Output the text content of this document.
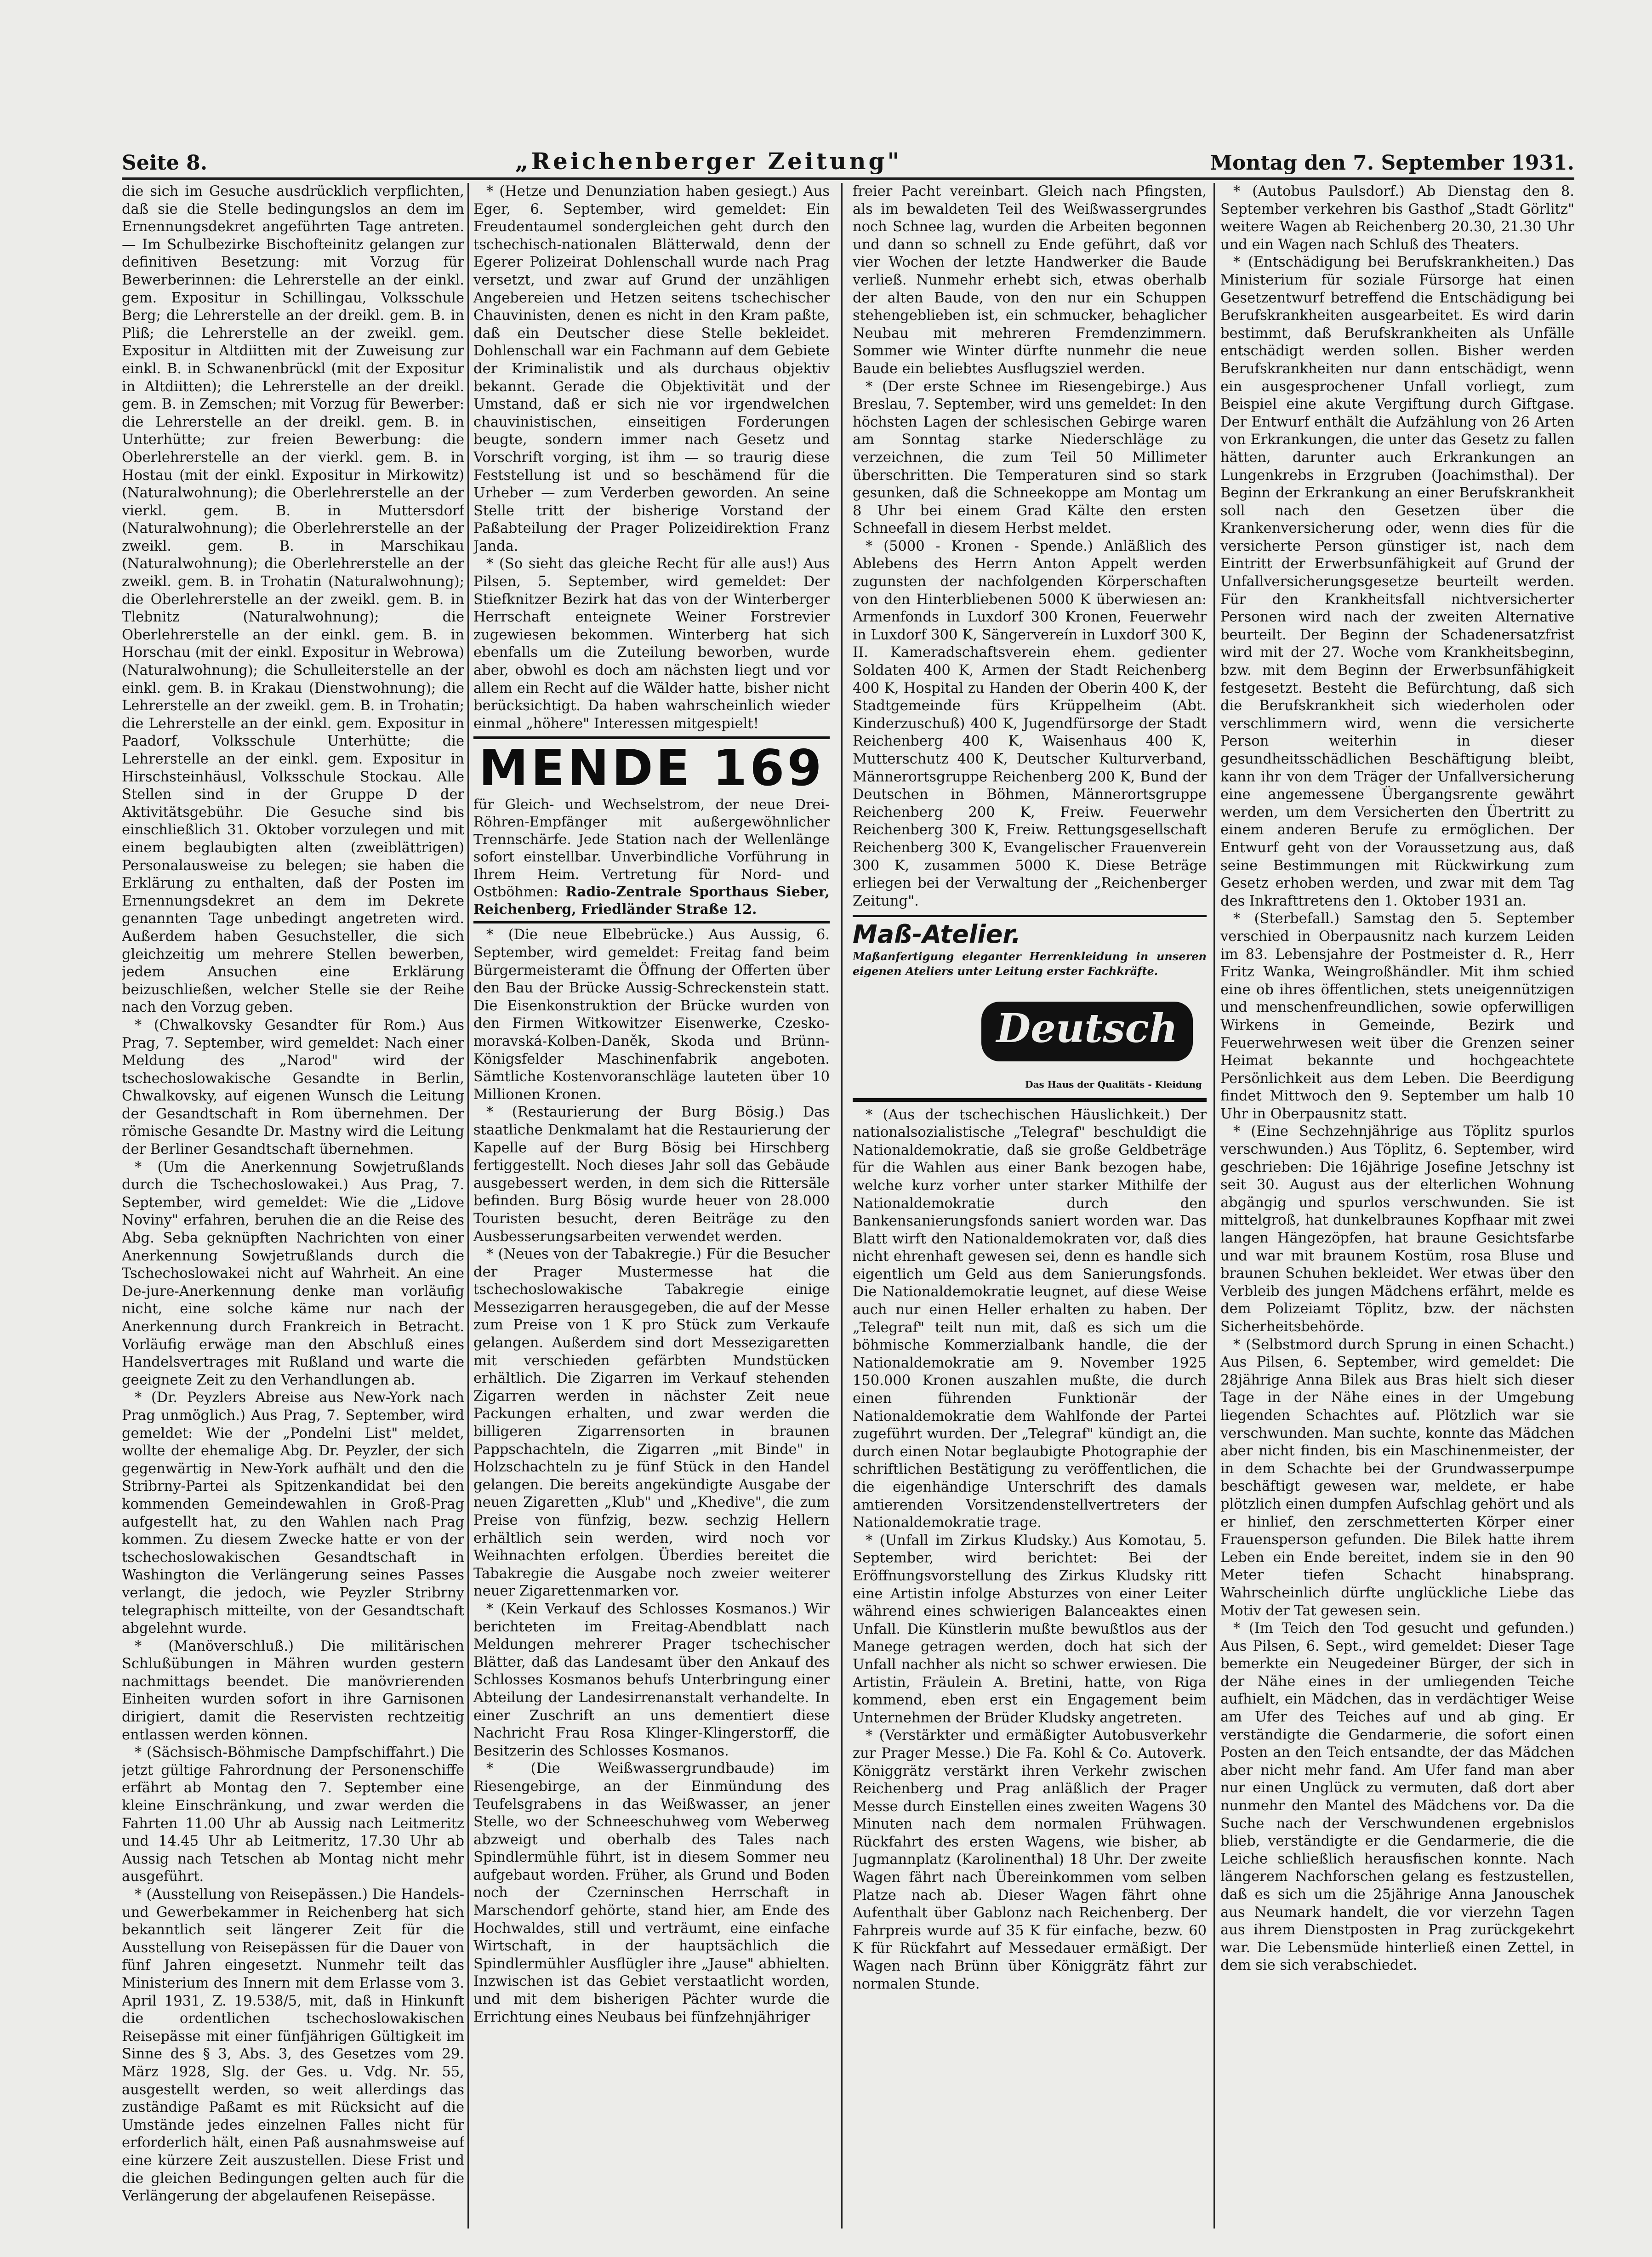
Seite 8.	„Reichenberger Zeitung"	Montag den 7. September 1931.

die sich im Gesuche ausdrücklich verpflichten, daß sie die Stelle bedingungslos an dem im Ernennungsdekret angeführten Tage antreten. — Im Schulbezirke Bischofteinitz gelangen zur definitiven Besetzung: mit Vorzug für Bewerberinnen: die Lehrerstelle an der einkl. gem. Expositur in Schillingau, Volksschule Berg; die Lehrerstelle an der dreikl. gem. B. in Pliß; die Lehrerstelle an der zweikl. gem. Expositur in Altdiitten mit der Zuweisung zur einkl. B. in Schwanenbrückl (mit der Expositur in Altdiitten); die Lehrerstelle an der dreikl. gem. B. in Zemschen; mit Vorzug für Bewerber: die Lehrerstelle an der dreikl. gem. B. in Unterhütte; zur freien Bewerbung: die Oberlehrerstelle an der vierkl. gem. B. in Hostau (mit der einkl. Expositur in Mirkowitz) (Naturalwohnung); die Oberlehrerstelle an der vierkl. gem. B. in Muttersdorf (Naturalwohnung); die Oberlehrerstelle an der zweikl. gem. B. in Marschikau (Naturalwohnung); die Oberlehrerstelle an der zweikl. gem. B. in Trohatin (Naturalwohnung); die Oberlehrerstelle an der zweikl. gem. B. in Tlebnitz (Naturalwohnung); die Oberlehrerstelle an der einkl. gem. B. in Horschau (mit der einkl. Expositur in Webrowa) (Naturalwohnung); die Schulleiterstelle an der einkl. gem. B. in Krakau (Dienstwohnung); die Lehrerstelle an der zweikl. gem. B. in Trohatin; die Lehrerstelle an der einkl. gem. Expositur in Paadorf, Volksschule Unterhütte; die Lehrerstelle an der einkl. gem. Expositur in Hirschsteinhäusl, Volksschule Stockau. Alle Stellen sind in der Gruppe D der Aktivitätsgebühr. Die Gesuche sind bis einschließlich 31. Oktober vorzulegen und mit einem beglaubigten alten (zweiblättrigen) Personalausweise zu belegen; sie haben die Erklärung zu enthalten, daß der Posten im Ernennungsdekret an dem im Dekrete genannten Tage unbedingt angetreten wird. Außerdem haben Gesuchsteller, die sich gleichzeitig um mehrere Stellen bewerben, jedem Ansuchen eine Erklärung beizuschließen, welcher Stelle sie der Reihe nach den Vorzug geben.

* (Chwalkovsky Gesandter für Rom.) Aus Prag, 7. September, wird gemeldet: Nach einer Meldung des „Narod" wird der tschechoslowakische Gesandte in Berlin, Chwalkovsky, auf eigenen Wunsch die Leitung der Gesandtschaft in Rom übernehmen. Der römische Gesandte Dr. Mastny wird die Leitung der Berliner Gesandtschaft übernehmen.

* (Um die Anerkennung Sowjetrußlands durch die Tschechoslowakei.) Aus Prag, 7. September, wird gemeldet: Wie die „Lidove Noviny" erfahren, beruhen die an die Reise des Abg. Seba geknüpften Nachrichten von einer Anerkennung Sowjetrußlands durch die Tschechoslowakei nicht auf Wahrheit. An eine De-jure-Anerkennung denke man vorläufig nicht, eine solche käme nur nach der Anerkennung durch Frankreich in Betracht. Vorläufig erwäge man den Abschluß eines Handelsvertrages mit Rußland und warte die geeignete Zeit zu den Verhandlungen ab.

* (Dr. Peyzlers Abreise aus New-York nach Prag unmöglich.) Aus Prag, 7. September, wird gemeldet: Wie der „Pondelni List" meldet, wollte der ehemalige Abg. Dr. Peyzler, der sich gegenwärtig in New-York aufhält und den die Stribrny-Partei als Spitzenkandidat bei den kommenden Gemeindewahlen in Groß-Prag aufgestellt hat, zu den Wahlen nach Prag kommen. Zu diesem Zwecke hatte er von der tschechoslowakischen Gesandtschaft in Washington die Verlängerung seines Passes verlangt, die jedoch, wie Peyzler Stribrny telegraphisch mitteilte, von der Gesandtschaft abgelehnt wurde.

* (Manöverschluß.) Die militärischen Schlußübungen in Mähren wurden gestern nachmittags beendet. Die manövrierenden Einheiten wurden sofort in ihre Garnisonen dirigiert, damit die Reservisten rechtzeitig entlassen werden können.

* (Sächsisch-Böhmische Dampfschiffahrt.) Die jetzt gültige Fahrordnung der Personenschiffe erfährt ab Montag den 7. September eine kleine Einschränkung, und zwar werden die Fahrten 11.00 Uhr ab Aussig nach Leitmeritz und 14.45 Uhr ab Leitmeritz, 17.30 Uhr ab Aussig nach Tetschen ab Montag nicht mehr ausgeführt.

* (Ausstellung von Reisepässen.) Die Handels- und Gewerbekammer in Reichenberg hat sich bekanntlich seit längerer Zeit für die Ausstellung von Reisepässen für die Dauer von fünf Jahren eingesetzt. Nunmehr teilt das Ministerium des Innern mit dem Erlasse vom 3. April 1931, Z. 19.538/5, mit, daß in Hinkunft die ordentlichen tschechoslowakischen Reisepässe mit einer fünfjährigen Gültigkeit im Sinne des § 3, Abs. 3, des Gesetzes vom 29. März 1928, Slg. der Ges. u. Vdg. Nr. 55, ausgestellt werden, so weit allerdings das zuständige Paßamt es mit Rücksicht auf die Umstände jedes einzelnen Falles nicht für erforderlich hält, einen Paß ausnahmsweise auf eine kürzere Zeit auszustellen. Diese Frist und die gleichen Bedingungen gelten auch für die Verlängerung der abgelaufenen Reisepässe.

* (Hetze und Denunziation haben gesiegt.) Aus Eger, 6. September, wird gemeldet: Ein Freudentaumel sondergleichen geht durch den tschechisch-nationalen Blätterwald, denn der Egerer Polizeirat Dohlenschall wurde nach Prag versetzt, und zwar auf Grund der unzähligen Angebereien und Hetzen seitens tschechischer Chauvinisten, denen es nicht in den Kram paßte, daß ein Deutscher diese Stelle bekleidet. Dohlenschall war ein Fachmann auf dem Gebiete der Kriminalistik und als durchaus objektiv bekannt. Gerade die Objektivität und der Umstand, daß er sich nie vor irgendwelchen chauvinistischen, einseitigen Forderungen beugte, sondern immer nach Gesetz und Vorschrift vorging, ist ihm — so traurig diese Feststellung ist und so beschämend für die Urheber — zum Verderben geworden. An seine Stelle tritt der bisherige Vorstand der Paßabteilung der Prager Polizeidirektion Franz Janda.

* (So sieht das gleiche Recht für alle aus!) Aus Pilsen, 5. September, wird gemeldet: Der Stiefknitzer Bezirk hat das von der Winterberger Herrschaft enteignete Weiner Forstrevier zugewiesen bekommen. Winterberg hat sich ebenfalls um die Zuteilung beworben, wurde aber, obwohl es doch am nächsten liegt und vor allem ein Recht auf die Wälder hatte, bisher nicht berücksichtigt. Da haben wahrscheinlich wieder einmal „höhere" Interessen mitgespielt!

MENDE 169
für Gleich- und Wechselstrom, der neue Drei-Röhren-Empfänger mit außergewöhnlicher Trennschärfe. Jede Station nach der Wellenlänge sofort einstellbar. Unverbindliche Vorführung in Ihrem Heim. Vertretung für Nord- und Ostböhmen: Radio-Zentrale Sporthaus Sieber, Reichenberg, Friedländer Straße 12.

* (Die neue Elbebrücke.) Aus Aussig, 6. September, wird gemeldet: Freitag fand beim Bürgermeisteramt die Öffnung der Offerten über den Bau der Brücke Aussig-Schreckenstein statt. Die Eisenkonstruktion der Brücke wurden von den Firmen Witkowitzer Eisenwerke, Czesko-moravská-Kolben-Daněk, Skoda und Brünn-Königsfelder Maschinenfabrik angeboten. Sämtliche Kostenvoranschläge lauteten über 10 Millionen Kronen.

* (Restaurierung der Burg Bösig.) Das staatliche Denkmalamt hat die Restaurierung der Kapelle auf der Burg Bösig bei Hirschberg fertiggestellt. Noch dieses Jahr soll das Gebäude ausgebessert werden, in dem sich die Rittersäle befinden. Burg Bösig wurde heuer von 28.000 Touristen besucht, deren Beiträge zu den Ausbesserungsarbeiten verwendet werden.

* (Neues von der Tabakregie.) Für die Besucher der Prager Mustermesse hat die tschechoslowakische Tabakregie einige Messezigarren herausgegeben, die auf der Messe zum Preise von 1 K pro Stück zum Verkaufe gelangen. Außerdem sind dort Messezigaretten mit verschieden gefärbten Mundstücken erhältlich. Die Zigarren im Verkauf stehenden Zigarren werden in nächster Zeit neue Packungen erhalten, und zwar werden die billigeren Zigarrensorten in braunen Pappschachteln, die Zigarren „mit Binde" in Holzschachteln zu je fünf Stück in den Handel gelangen. Die bereits angekündigte Ausgabe der neuen Zigaretten „Klub" und „Khedive", die zum Preise von fünfzig, bezw. sechzig Hellern erhältlich sein werden, wird noch vor Weihnachten erfolgen. Überdies bereitet die Tabakregie die Ausgabe noch zweier weiterer neuer Zigarettenmarken vor.

* (Kein Verkauf des Schlosses Kosmanos.) Wir berichteten im Freitag-Abendblatt nach Meldungen mehrerer Prager tschechischer Blätter, daß das Landesamt über den Ankauf des Schlosses Kosmanos behufs Unterbringung einer Abteilung der Landesirrenanstalt verhandelte. In einer Zuschrift an uns dementiert diese Nachricht Frau Rosa Klinger-Klingerstorff, die Besitzerin des Schlosses Kosmanos.

* (Die Weißwassergrundbaude) im Riesengebirge, an der Einmündung des Teufelsgrabens in das Weißwasser, an jener Stelle, wo der Schneeschuhweg vom Weberweg abzweigt und oberhalb des Tales nach Spindlermühle führt, ist in diesem Sommer neu aufgebaut worden. Früher, als Grund und Boden noch der Czerninschen Herrschaft in Marschendorf gehörte, stand hier, am Ende des Hochwaldes, still und verträumt, eine einfache Wirtschaft, in der hauptsächlich die Spindlermühler Ausflügler ihre „Jause" abhielten. Inzwischen ist das Gebiet verstaatlicht worden, und mit dem bisherigen Pächter wurde die Errichtung eines Neubaus bei fünfzehnjähriger

freier Pacht vereinbart. Gleich nach Pfingsten, als im bewaldeten Teil des Weißwassergrundes noch Schnee lag, wurden die Arbeiten begonnen und dann so schnell zu Ende geführt, daß vor vier Wochen der letzte Handwerker die Baude verließ. Nunmehr erhebt sich, etwas oberhalb der alten Baude, von den nur ein Schuppen stehengeblieben ist, ein schmucker, behaglicher Neubau mit mehreren Fremdenzimmern. Sommer wie Winter dürfte nunmehr die neue Baude ein beliebtes Ausflugsziel werden.

* (Der erste Schnee im Riesengebirge.) Aus Breslau, 7. September, wird uns gemeldet: In den höchsten Lagen der schlesischen Gebirge waren am Sonntag starke Niederschläge zu verzeichnen, die zum Teil 50 Millimeter überschritten. Die Temperaturen sind so stark gesunken, daß die Schneekoppe am Montag um 8 Uhr bei einem Grad Kälte den ersten Schneefall in diesem Herbst meldet.

* (5000 - Kronen - Spende.) Anläßlich des Ablebens des Herrn Anton Appelt werden zugunsten der nachfolgenden Körperschaften von den Hinterbliebenen 5000 K überwiesen an: Armenfonds in Luxdorf 300 Kronen, Feuerwehr in Luxdorf 300 K, Sängervereín in Luxdorf 300 K, II. Kameradschaftsverein ehem. gedienter Soldaten 400 K, Armen der Stadt Reichenberg 400 K, Hospital zu Handen der Oberin 400 K, der Stadtgemeinde fürs Krüppelheim (Abt. Kinderzuschuß) 400 K, Jugendfürsorge der Stadt Reichenberg 400 K, Waisenhaus 400 K, Mutterschutz 400 K, Deutscher Kulturverband, Männerortsgruppe Reichenberg 200 K, Bund der Deutschen in Böhmen, Männerortsgruppe Reichenberg 200 K, Freiw. Feuerwehr Reichenberg 300 K, Freiw. Rettungsgesellschaft Reichenberg 300 K, Evangelischer Frauenverein 300 K, zusammen 5000 K. Diese Beträge erliegen bei der Verwaltung der „Reichenberger Zeitung".

Maß-Atelier.
Maßanfertigung eleganter Herrenkleidung in unseren eigenen Ateliers unter Leitung erster Fachkräfte.
Deutsch
Das Haus der Qualitäts - Kleidung

* (Aus der tschechischen Häuslichkeit.) Der nationalsozialistische „Telegraf" beschuldigt die Nationaldemokratie, daß sie große Geldbeträge für die Wahlen aus einer Bank bezogen habe, welche kurz vorher unter starker Mithilfe der Nationaldemokratie durch den Bankensanierungsfonds saniert worden war. Das Blatt wirft den Nationaldemokraten vor, daß dies nicht ehrenhaft gewesen sei, denn es handle sich eigentlich um Geld aus dem Sanierungsfonds. Die Nationaldemokratie leugnet, auf diese Weise auch nur einen Heller erhalten zu haben. Der „Telegraf" teilt nun mit, daß es sich um die böhmische Kommerzialbank handle, die der Nationaldemokratie am 9. November 1925 150.000 Kronen auszahlen mußte, die durch einen führenden Funktionär der Nationaldemokratie dem Wahlfonde der Partei zugeführt wurden. Der „Telegraf" kündigt an, die durch einen Notar beglaubigte Photographie der schriftlichen Bestätigung zu veröffentlichen, die die eigenhändige Unterschrift des damals amtierenden Vorsitzendenstellvertreters der Nationaldemokratie trage.

* (Unfall im Zirkus Kludsky.) Aus Komotau, 5. September, wird berichtet: Bei der Eröffnungsvorstellung des Zirkus Kludsky ritt eine Artistin infolge Absturzes von einer Leiter während eines schwierigen Balanceaktes einen Unfall. Die Künstlerin mußte bewußtlos aus der Manege getragen werden, doch hat sich der Unfall nachher als nicht so schwer erwiesen. Die Artistin, Fräulein A. Bretini, hatte, von Riga kommend, eben erst ein Engagement beim Unternehmen der Brüder Kludsky angetreten.

* (Verstärkter und ermäßigter Autobusverkehr zur Prager Messe.) Die Fa. Kohl & Co. Autoverk. Königgrätz verstärkt ihren Verkehr zwischen Reichenberg und Prag anläßlich der Prager Messe durch Einstellen eines zweiten Wagens 30 Minuten nach dem normalen Frühwagen. Rückfahrt des ersten Wagens, wie bisher, ab Jugmannplatz (Karolinenthal) 18 Uhr. Der zweite Wagen fährt nach Übereinkommen vom selben Platze nach ab. Dieser Wagen fährt ohne Aufenthalt über Gablonz nach Reichenberg. Der Fahrpreis wurde auf 35 K für einfache, bezw. 60 K für Rückfahrt auf Messedauer ermäßigt. Der Wagen nach Brünn über Königgrätz fährt zur normalen Stunde.

* (Autobus Paulsdorf.) Ab Dienstag den 8. September verkehren bis Gasthof „Stadt Görlitz" weitere Wagen ab Reichenberg 20.30, 21.30 Uhr und ein Wagen nach Schluß des Theaters.

* (Entschädigung bei Berufskrankheiten.) Das Ministerium für soziale Fürsorge hat einen Gesetzentwurf betreffend die Entschädigung bei Berufskrankheiten ausgearbeitet. Es wird darin bestimmt, daß Berufskrankheiten als Unfälle entschädigt werden sollen. Bisher werden Berufskrankheiten nur dann entschädigt, wenn ein ausgesprochener Unfall vorliegt, zum Beispiel eine akute Vergiftung durch Giftgase. Der Entwurf enthält die Aufzählung von 26 Arten von Erkrankungen, die unter das Gesetz zu fallen hätten, darunter auch Erkrankungen an Lungenkrebs in Erzgruben (Joachimsthal). Der Beginn der Erkrankung an einer Berufskrankheit soll nach den Gesetzen über die Krankenversicherung oder, wenn dies für die versicherte Person günstiger ist, nach dem Eintritt der Erwerbsunfähigkeit auf Grund der Unfallversicherungsgesetze beurteilt werden. Für den Krankheitsfall nichtversicherter Personen wird nach der zweiten Alternative beurteilt. Der Beginn der Schadenersatzfrist wird mit der 27. Woche vom Krankheitsbeginn, bzw. mit dem Beginn der Erwerbsunfähigkeit festgesetzt. Besteht die Befürchtung, daß sich die Berufskrankheit sich wiederholen oder verschlimmern wird, wenn die versicherte Person weiterhin in dieser gesundheitsschädlichen Beschäftigung bleibt, kann ihr von dem Träger der Unfallversicherung eine angemessene Übergangsrente gewährt werden, um dem Versicherten den Übertritt zu einem anderen Berufe zu ermöglichen. Der Entwurf geht von der Voraussetzung aus, daß seine Bestimmungen mit Rückwirkung zum Gesetz erhoben werden, und zwar mit dem Tag des Inkrafttretens den 1. Oktober 1931 an.

* (Sterbefall.) Samstag den 5. September verschied in Oberpausnitz nach kurzem Leiden im 83. Lebensjahre der Postmeister d. R., Herr Fritz Wanka, Weingroßhändler. Mit ihm schied eine ob ihres öffentlichen, stets uneigennützigen und menschenfreundlichen, sowie opferwilligen Wirkens in Gemeinde, Bezirk und Feuerwehrwesen weit über die Grenzen seiner Heimat bekannte und hochgeachtete Persönlichkeit aus dem Leben. Die Beerdigung findet Mittwoch den 9. September um halb 10 Uhr in Oberpausnitz statt.

* (Eine Sechzehnjährige aus Töplitz spurlos verschwunden.) Aus Töplitz, 6. September, wird geschrieben: Die 16jährige Josefine Jetschny ist seit 30. August aus der elterlichen Wohnung abgängig und spurlos verschwunden. Sie ist mittelgroß, hat dunkelbraunes Kopfhaar mit zwei langen Hängezöpfen, hat braune Gesichtsfarbe und war mit braunem Kostüm, rosa Bluse und braunen Schuhen bekleidet. Wer etwas über den Verbleib des jungen Mädchens erfährt, melde es dem Polizeiamt Töplitz, bzw. der nächsten Sicherheitsbehörde.

* (Selbstmord durch Sprung in einen Schacht.) Aus Pilsen, 6. September, wird gemeldet: Die 28jährige Anna Bilek aus Bras hielt sich dieser Tage in der Nähe eines in der Umgebung liegenden Schachtes auf. Plötzlich war sie verschwunden. Man suchte, konnte das Mädchen aber nicht finden, bis ein Maschinenmeister, der in dem Schachte bei der Grundwasserpumpe beschäftigt gewesen war, meldete, er habe plötzlich einen dumpfen Aufschlag gehört und als er hinlief, den zerschmetterten Körper einer Frauensperson gefunden. Die Bilek hatte ihrem Leben ein Ende bereitet, indem sie in den 90 Meter tiefen Schacht hinabsprang. Wahrscheinlich dürfte unglückliche Liebe das Motiv der Tat gewesen sein.

* (Im Teich den Tod gesucht und gefunden.) Aus Pilsen, 6. Sept., wird gemeldet: Dieser Tage bemerkte ein Neugedeiner Bürger, der sich in der Nähe eines in der umliegenden Teiche aufhielt, ein Mädchen, das in verdächtiger Weise am Ufer des Teiches auf und ab ging. Er verständigte die Gendarmerie, die sofort einen Posten an den Teich entsandte, der das Mädchen aber nicht mehr fand. Am Ufer fand man aber nur einen Unglück zu vermuten, daß dort aber nunmehr den Mantel des Mädchens vor. Da die Suche nach der Verschwundenen ergebnislos blieb, verständigte er die Gendarmerie, die die Leiche schließlich herausfischen konnte. Nach längerem Nachforschen gelang es festzustellen, daß es sich um die 25jährige Anna Janouschek aus Neumark handelt, die vor vierzehn Tagen aus ihrem Dienstposten in Prag zurückgekehrt war. Die Lebensmüde hinterließ einen Zettel, in dem sie sich verabschiedet.
